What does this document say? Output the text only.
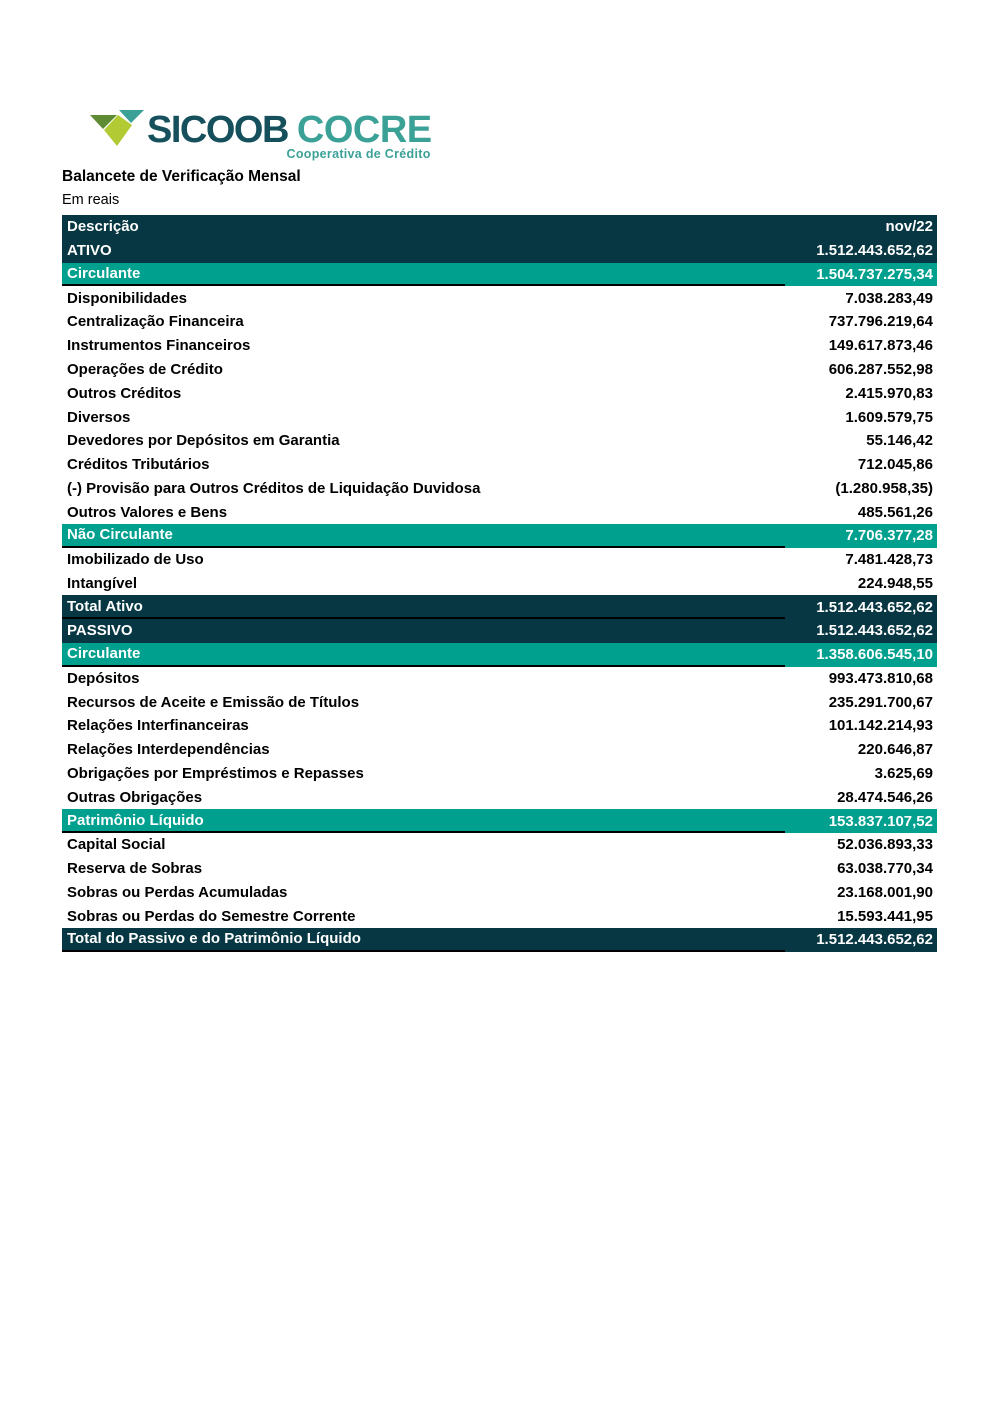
SICOOB COCRE
Cooperativa de Crédito
Balancete de Verificação Mensal
Em reais
Descrição	nov/22
ATIVO	1.512.443.652,62
Circulante	1.504.737.275,34
Disponibilidades	7.038.283,49
Centralização Financeira	737.796.219,64
Instrumentos Financeiros	149.617.873,46
Operações de Crédito	606.287.552,98
Outros Créditos	2.415.970,83
Diversos	1.609.579,75
Devedores por Depósitos em Garantia	55.146,42
Créditos Tributários	712.045,86
(-) Provisão para Outros Créditos de Liquidação Duvidosa	(1.280.958,35)
Outros Valores e Bens	485.561,26
Não Circulante	7.706.377,28
Imobilizado de Uso	7.481.428,73
Intangível	224.948,55
Total Ativo	1.512.443.652,62
PASSIVO	1.512.443.652,62
Circulante	1.358.606.545,10
Depósitos	993.473.810,68
Recursos de Aceite e Emissão de Títulos	235.291.700,67
Relações Interfinanceiras	101.142.214,93
Relações Interdependências	220.646,87
Obrigações por Empréstimos e Repasses	3.625,69
Outras Obrigações	28.474.546,26
Patrimônio Líquido	153.837.107,52
Capital Social	52.036.893,33
Reserva de Sobras	63.038.770,34
Sobras ou Perdas Acumuladas	23.168.001,90
Sobras ou Perdas do Semestre Corrente	15.593.441,95
Total do Passivo e do Patrimônio Líquido	1.512.443.652,62
